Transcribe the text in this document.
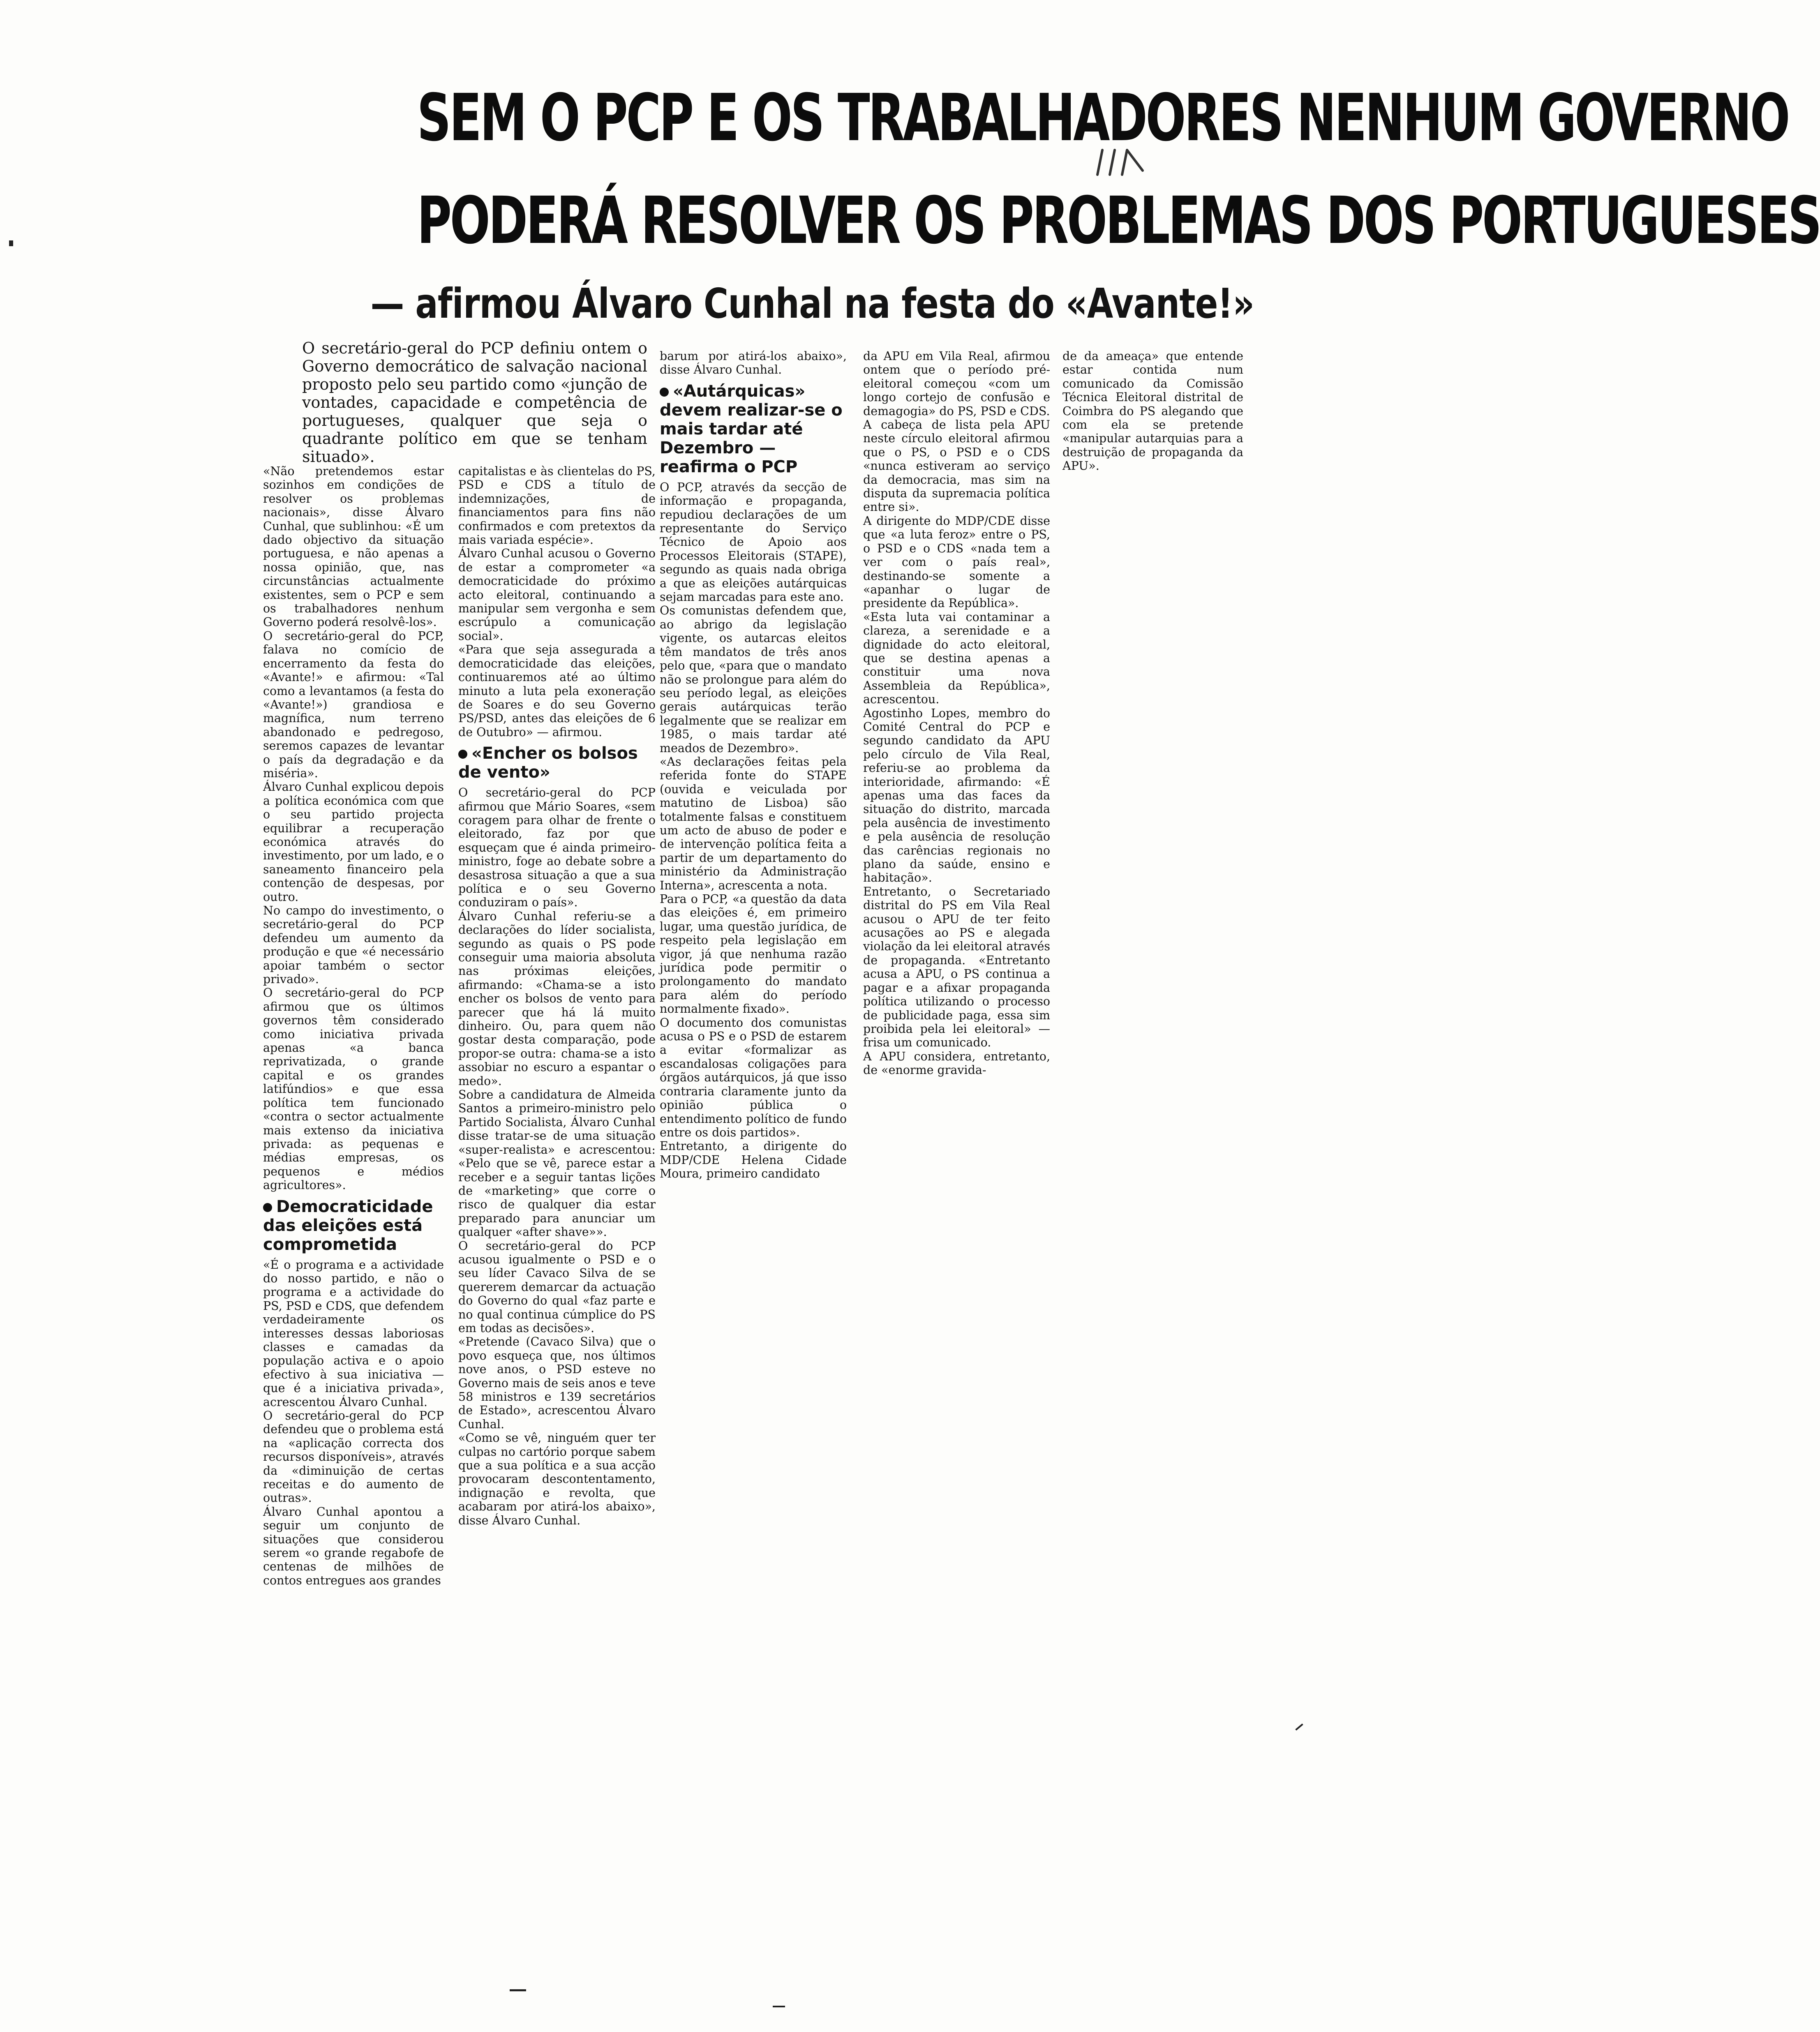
SEM O PCP E OS TRABALHADORES NENHUM GOVERNO
PODERÁ RESOLVER OS PROBLEMAS DOS PORTUGUESES
— afirmou Álvaro Cunhal na festa do «Avante!»

O secretário-geral do PCP definiu ontem o Governo democrático de salvação nacional proposto pelo seu partido como «junção de vontades, capacidade e competência de portugueses, qualquer que seja o quadrante político em que se tenham situado».

«Não pretendemos estar sozinhos em condições de resolver os problemas nacionais», disse Álvaro Cunhal, que sublinhou: «É um dado objectivo da situação portuguesa, e não apenas a nossa opinião, que, nas circunstâncias actualmente existentes, sem o PCP e sem os trabalhadores nenhum Governo poderá resolvê-los».

O secretário-geral do PCP, falava no comício de encerramento da festa do «Avante!» e afirmou: «Tal como a levantamos (a festa do «Avante!») grandiosa e magnífica, num terreno abandonado e pedregoso, seremos capazes de levantar o país da degradação e da miséria».

Álvaro Cunhal explicou depois a política económica com que o seu partido projecta equilibrar a recuperação económica através do investimento, por um lado, e o saneamento financeiro pela contenção de despesas, por outro.

No campo do investimento, o secretário-geral do PCP defendeu um aumento da produção e que «é necessário apoiar também o sector privado».

O secretário-geral do PCP afirmou que os últimos governos têm considerado como iniciativa privada apenas «a banca reprivatizada, o grande capital e os grandes latifúndios» e que essa política tem funcionado «contra o sector actualmente mais extenso da iniciativa privada: as pequenas e médias empresas, os pequenos e médios agricultores».

Democraticidade das eleições está comprometida

«É o programa e a actividade do nosso partido, e não o programa e a actividade do PS, PSD e CDS, que defendem verdadeiramente os interesses dessas laboriosas classes e camadas da população activa e o apoio efectivo à sua iniciativa — que é a iniciativa privada», acrescentou Álvaro Cunhal.

O secretário-geral do PCP defendeu que o problema está na «aplicação correcta dos recursos disponíveis», através da «diminuição de certas receitas e do aumento de outras».

Álvaro Cunhal apontou a seguir um conjunto de situações que considerou serem «o grande regabofe de centenas de milhões de contos entregues aos grandes

capitalistas e às clientelas do PS, PSD e CDS a título de indemnizações, de financiamentos para fins não confirmados e com pretextos da mais variada espécie».

Álvaro Cunhal acusou o Governo de estar a comprometer «a democraticidade do próximo acto eleitoral, continuando a manipular sem vergonha e sem escrúpulo a comunicação social».

«Para que seja assegurada a democraticidade das eleições, continuaremos até ao último minuto a luta pela exoneração de Soares e do seu Governo PS/PSD, antes das eleições de 6 de Outubro» — afirmou.

«Encher os bolsos de vento»

O secretário-geral do PCP afirmou que Mário Soares, «sem coragem para olhar de frente o eleitorado, faz por que esqueçam que é ainda primeiro-ministro, foge ao debate sobre a desastrosa situação a que a sua política e o seu Governo conduziram o país».

Álvaro Cunhal referiu-se a declarações do líder socialista, segundo as quais o PS pode conseguir uma maioria absoluta nas próximas eleições, afirmando: «Chama-se a isto encher os bolsos de vento para parecer que há lá muito dinheiro. Ou, para quem não gostar desta comparação, pode propor-se outra: chama-se a isto assobiar no escuro a espantar o medo».

Sobre a candidatura de Almeida Santos a primeiro-ministro pelo Partido Socialista, Álvaro Cunhal disse tratar-se de uma situação «super-realista» e acrescentou: «Pelo que se vê, parece estar a receber e a seguir tantas lições de «marketing» que corre o risco de qualquer dia estar preparado para anunciar um qualquer «after shave»».

O secretário-geral do PCP acusou igualmente o PSD e o seu líder Cavaco Silva de se quererem demarcar da actuação do Governo do qual «faz parte e no qual continua cúmplice do PS em todas as decisões».

«Pretende (Cavaco Silva) que o povo esqueça que, nos últimos nove anos, o PSD esteve no Governo mais de seis anos e teve 58 ministros e 139 secretários de Estado», acrescentou Álvaro Cunhal.

«Como se vê, ninguém quer ter culpas no cartório porque sabem que a sua política e a sua acção provocaram descontentamento, indignação e revolta, que acabaram por atirá-los abaixo», disse Álvaro Cunhal.

barum por atirá-los abaixo», disse Álvaro Cunhal.

«Autárquicas» devem realizar-se o mais tardar até Dezembro — reafirma o PCP

O PCP, através da secção de informação e propaganda, repudiou declarações de um representante do Serviço Técnico de Apoio aos Processos Eleitorais (STAPE), segundo as quais nada obriga a que as eleições autárquicas sejam marcadas para este ano.

Os comunistas defendem que, ao abrigo da legislação vigente, os autarcas eleitos têm mandatos de três anos pelo que, «para que o mandato não se prolongue para além do seu período legal, as eleições gerais autárquicas terão legalmente que se realizar em 1985, o mais tardar até meados de Dezembro».

«As declarações feitas pela referida fonte do STAPE (ouvida e veiculada por matutino de Lisboa) são totalmente falsas e constituem um acto de abuso de poder e de intervenção política feita a partir de um departamento do ministério da Administração Interna», acrescenta a nota.

Para o PCP, «a questão da data das eleições é, em primeiro lugar, uma questão jurídica, de respeito pela legislação em vigor, já que nenhuma razão jurídica pode permitir o prolongamento do mandato para além do período normalmente fixado».

O documento dos comunistas acusa o PS e o PSD de estarem a evitar «formalizar as escandalosas coligações para órgãos autárquicos, já que isso contraria claramente junto da opinião pública o entendimento político de fundo entre os dois partidos».

Entretanto, a dirigente do MDP/CDE Helena Cidade Moura, primeiro candidato

da APU em Vila Real, afirmou ontem que o período pré-eleitoral começou «com um longo cortejo de confusão e demagogia» do PS, PSD e CDS.

A cabeça de lista pela APU neste círculo eleitoral afirmou que o PS, o PSD e o CDS «nunca estiveram ao serviço da democracia, mas sim na disputa da supremacia política entre si».

A dirigente do MDP/CDE disse que «a luta feroz» entre o PS, o PSD e o CDS «nada tem a ver com o país real», destinando-se somente a «apanhar o lugar de presidente da República».

«Esta luta vai contaminar a clareza, a serenidade e a dignidade do acto eleitoral, que se destina apenas a constituir uma nova Assembleia da República», acrescentou.

Agostinho Lopes, membro do Comité Central do PCP e segundo candidato da APU pelo círculo de Vila Real, referiu-se ao problema da interioridade, afirmando: «É apenas uma das faces da situação do distrito, marcada pela ausência de investimento e pela ausência de resolução das carências regionais no plano da saúde, ensino e habitação».

Entretanto, o Secretariado distrital do PS em Vila Real acusou o APU de ter feito acusações ao PS e alegada violação da lei eleitoral através de propaganda. «Entretanto acusa a APU, o PS continua a pagar e a afixar propaganda política utilizando o processo de publicidade paga, essa sim proibida pela lei eleitoral» — frisa um comunicado.

A APU considera, entretanto, de «enorme gravida-

de da ameaça» que entende estar contida num comunicado da Comissão Técnica Eleitoral distrital de Coimbra do PS alegando que com ela se pretende «manipular autarquias para a destruição de propaganda da APU».
